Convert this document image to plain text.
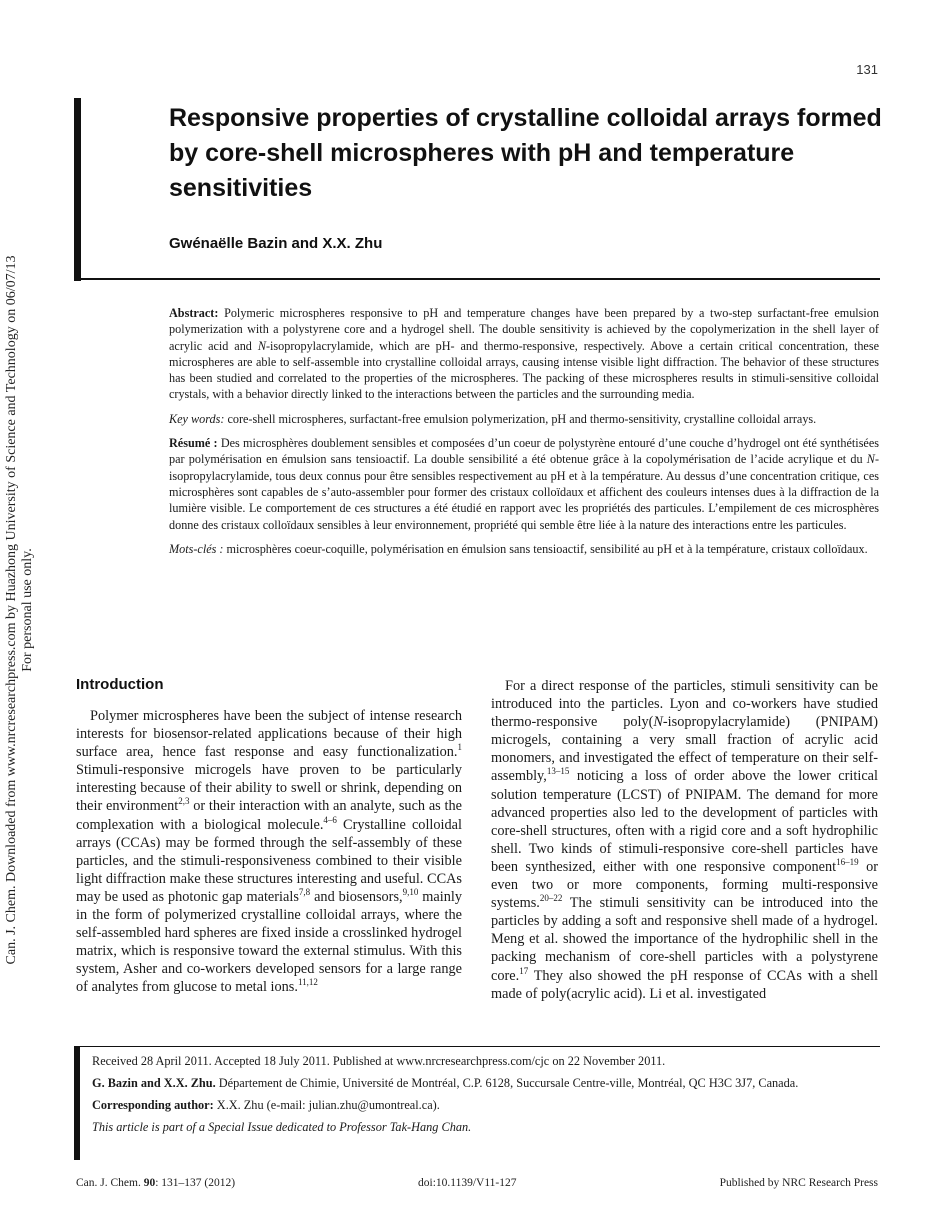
131
Can. J. Chem. Downloaded from www.nrcresearchpress.com by Huazhong University of Science and Technology on 06/07/13 For personal use only.
Responsive properties of crystalline colloidal arrays formed by core-shell microspheres with pH and temperature sensitivities
Gwénaëlle Bazin and X.X. Zhu

Abstract: Polymeric microspheres responsive to pH and temperature changes have been prepared by a two-step surfactant-free emulsion polymerization with a polystyrene core and a hydrogel shell. The double sensitivity is achieved by the copolymerization in the shell layer of acrylic acid and N-isopropylacrylamide, which are pH- and thermo-responsive, respectively. Above a certain critical concentration, these microspheres are able to self-assemble into crystalline colloidal arrays, causing intense visible light diffraction. The behavior of these structures has been studied and correlated to the properties of the microspheres. The packing of these microspheres results in stimuli-sensitive colloidal crystals, with a behavior directly linked to the interactions between the particles and the surrounding media.

Key words: core-shell microspheres, surfactant-free emulsion polymerization, pH and thermo-sensitivity, crystalline colloidal arrays.

Résumé : Des microsphères doublement sensibles et composées d’un coeur de polystyrène entouré d’une couche d’hydrogel ont été synthétisées par polymérisation en émulsion sans tensioactif. La double sensibilité a été obtenue grâce à la copolymérisation de l’acide acrylique et du N-isopropylacrylamide, tous deux connus pour être sensibles respectivement au pH et à la température. Au dessus d’une concentration critique, ces microsphères sont capables de s’auto-assembler pour former des cristaux colloïdaux et affichent des couleurs intenses dues à la diffraction de la lumière visible. Le comportement de ces structures a été étudié en rapport avec les propriétés des particules. L’empilement de ces microsphères donne des cristaux colloïdaux sensibles à leur environnement, propriété qui semble être liée à la nature des interactions entre les particules.

Mots-clés : microsphères coeur-coquille, polymérisation en émulsion sans tensioactif, sensibilité au pH et à la température, cristaux colloïdaux.

Introduction

Polymer microspheres have been the subject of intense research interests for biosensor-related applications because of their high surface area, hence fast response and easy functionalization.$^1$ Stimuli-responsive microgels have proven to be particularly interesting because of their ability to swell or shrink, depending on their environment$^{2,3}$ or their interaction with an analyte, such as the complexation with a biological molecule.$^{4-6}$ Crystalline colloidal arrays (CCAs) may be formed through the self-assembly of these particles, and the stimuli-responsiveness combined to their visible light diffraction make these structures interesting and useful. CCAs may be used as photonic gap materials$^{7,8}$ and biosensors,$^{9,10}$ mainly in the form of polymerized crystalline colloidal arrays, where the self-assembled hard spheres are fixed inside a crosslinked hydrogel matrix, which is responsive toward the external stimulus. With this system, Asher and co-workers developed sensors for a large range of analytes from glucose to metal ions.$^{11,12}$

For a direct response of the particles, stimuli sensitivity can be introduced into the particles. Lyon and co-workers have studied thermo-responsive poly(N-isopropylacrylamide) (PNIPAM) microgels, containing a very small fraction of acrylic acid monomers, and investigated the effect of temperature on their self-assembly,$^{13-15}$ noticing a loss of order above the lower critical solution temperature (LCST) of PNIPAM. The demand for more advanced properties also led to the development of particles with core-shell structures, often with a rigid core and a soft hydrophilic shell. Two kinds of stimuli-responsive core-shell particles have been synthesized, either with one responsive component$^{16-19}$ or even two or more components, forming multi-responsive systems.$^{20-22}$ The stimuli sensitivity can be introduced into the particles by adding a soft and responsive shell made of a hydrogel. Meng et al. showed the importance of the hydrophilic shell in the packing mechanism of core-shell particles with a polystyrene core.$^{17}$ They also showed the pH response of CCAs with a shell made of poly(acrylic acid). Li et al. investigated

Received 28 April 2011. Accepted 18 July 2011. Published at www.nrcresearchpress.com/cjc on 22 November 2011.

G. Bazin and X.X. Zhu. Département de Chimie, Université de Montréal, C.P. 6128, Succursale Centre-ville, Montréal, QC H3C 3J7, Canada.

Corresponding author: X.X. Zhu (e-mail: julian.zhu@umontreal.ca).

This article is part of a Special Issue dedicated to Professor Tak-Hang Chan.

Can. J. Chem. 90: 131–137 (2012)	doi:10.1139/V11-127	Published by NRC Research Press
